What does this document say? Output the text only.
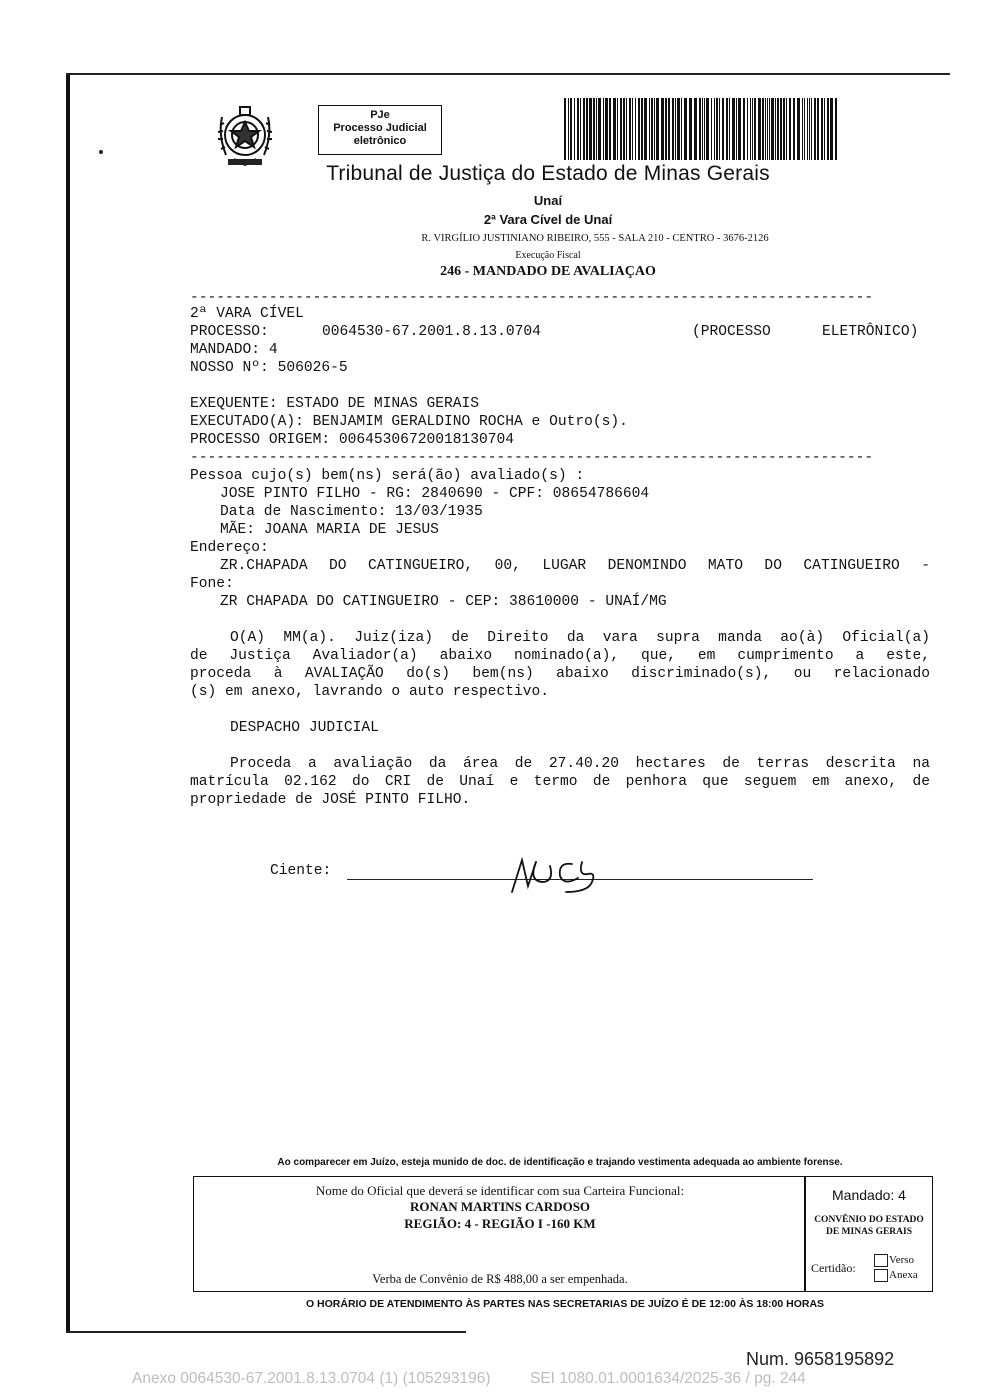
PJe
Processo Judicial
eletrônico
Tribunal de Justiça do Estado de Minas Gerais
Unaí
2ª Vara Cível de Unaí
R. VIRGÍLIO JUSTINIANO RIBEIRO, 555 - SALA 210 - CENTRO - 3676-2126
Execução Fiscal
246 - MANDADO DE AVALIAÇAO
------------------------------------------------------------------------------
------------------------------------------------------------------------------
2ª VARA CÍVEL
PROCESSO:	0064530-67.2001.8.13.0704	(PROCESSO	ELETRÔNICO)
MANDADO: 4
NOSSO Nº: 506026-5
EXEQUENTE: ESTADO DE MINAS GERAIS
EXECUTADO(A): BENJAMIM GERALDINO ROCHA e Outro(s).
PROCESSO ORIGEM: 00645306720018130704
Pessoa cujo(s) bem(ns) será(ão) avaliado(s) :
JOSE PINTO FILHO - RG: 2840690 - CPF: 08654786604
Data de Nascimento: 13/03/1935
MÃE: JOANA MARIA DE JESUS
Endereço:
ZR.CHAPADA DO CATINGUEIRO, 00, LUGAR DENOMINDO MATO DO CATINGUEIRO -
Fone:
ZR CHAPADA DO CATINGUEIRO - CEP: 38610000 - UNAÍ/MG
O(A) MM(a). Juiz(iza) de Direito da vara supra manda ao(à) Oficial(a)
de Justiça Avaliador(a) abaixo nominado(a), que, em cumprimento a este,
proceda à AVALIAÇÃO do(s) bem(ns) abaixo discriminado(s), ou relacionado
(s) em anexo, lavrando o auto respectivo.
DESPACHO JUDICIAL
Proceda a avaliação da área de 27.40.20 hectares de terras descrita na
matrícula 02.162 do CRI de Unaí e termo de penhora que seguem em anexo, de
propriedade de JOSÉ PINTO FILHO.
Ciente:
Ao comparecer em Juízo, esteja munido de doc. de identificação e trajando vestimenta adequada ao ambiente forense.
Nome do Oficial que deverá se identificar com sua Carteira Funcional:
RONAN MARTINS CARDOSO
REGIÃO: 4 - REGIÃO I -160 KM
Verba de Convênio de R$ 488,00 a ser empenhada.
Mandado: 4
CONVÊNIO DO ESTADO
DE MINAS GERAIS
Certidão:
Verso
Anexa
O HORÁRIO DE ATENDIMENTO ÀS PARTES NAS SECRETARIAS DE JUÍZO É DE 12:00 ÀS 18:00 HORAS
Num. 9658195892
Anexo 0064530-67.2001.8.13.0704 (1) (105293196)	SEI 1080.01.0001634/2025-36 / pg. 244
